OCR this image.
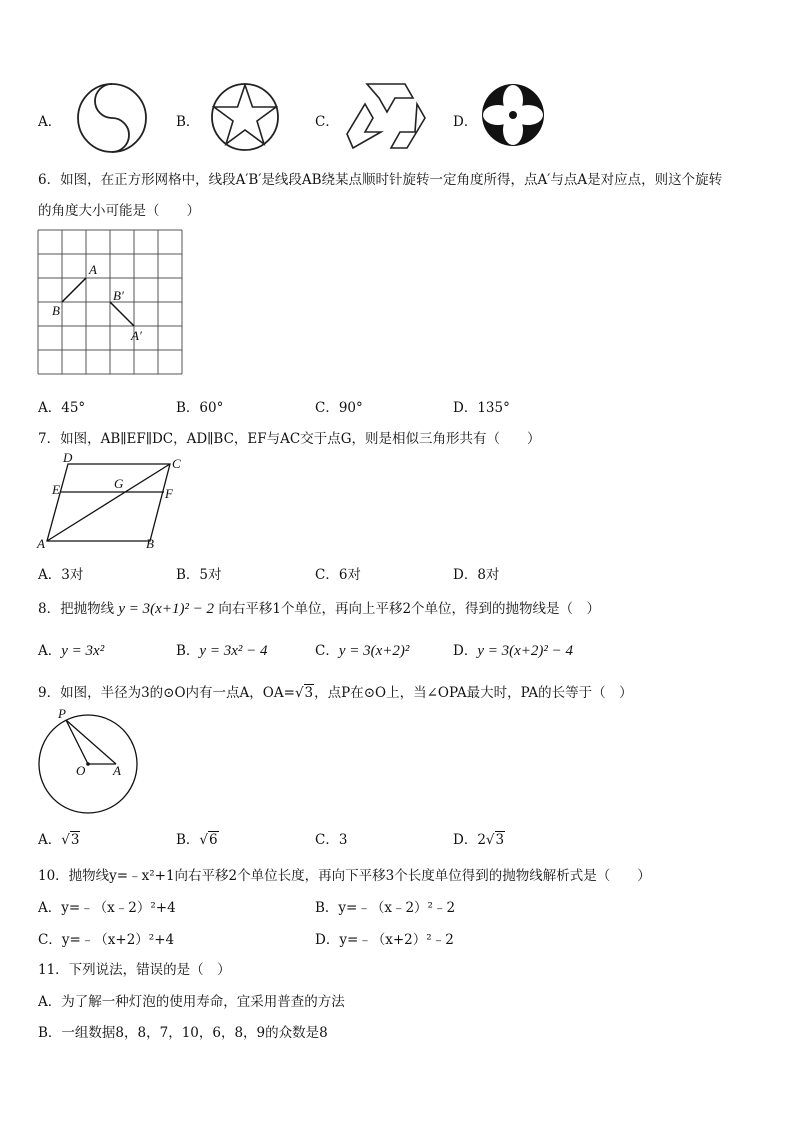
A．	B．	C．	D．
6．如图，在正方形网格中，线段A′B′是线段AB绕某点顺时针旋转一定角度所得，点A′与点A是对应点，则这个旋转
的角度大小可能是（　　）
A
B
B′
A′
A．45°	B．60°	C．90°	D．135°
7．如图，AB∥EF∥DC，AD∥BC，EF与AC交于点G，则是相似三角形共有（　　）
D	C
E	G
F
A	B
A．3对	B．5对	C．6对	D．8对
8．把抛物线 y = 3(x+1)² − 2 向右平移1个单位，再向上平移2个单位，得到的抛物线是（　）
A．y = 3x²	B．y = 3x² − 4	C．y = 3(x+2)²	D．y = 3(x+2)² − 4
9．如图，半径为3的⊙O内有一点A，OA=√3，点P在⊙O上，当∠OPA最大时，PA的长等于（　）
P
O A
A．√3	B．√6	C．3	D．2√3
10．抛物线y=﹣x²+1向右平移2个单位长度，再向下平移3个长度单位得到的抛物线解析式是（　　）
A．y=﹣（x﹣2）²+4	B．y=﹣（x﹣2）²﹣2
C．y=﹣（x+2）²+4	D．y=﹣（x+2）²﹣2
11．下列说法，错误的是（　）
A．为了解一种灯泡的使用寿命，宜采用普查的方法
B．一组数据8，8，7，10，6，8，9的众数是8
